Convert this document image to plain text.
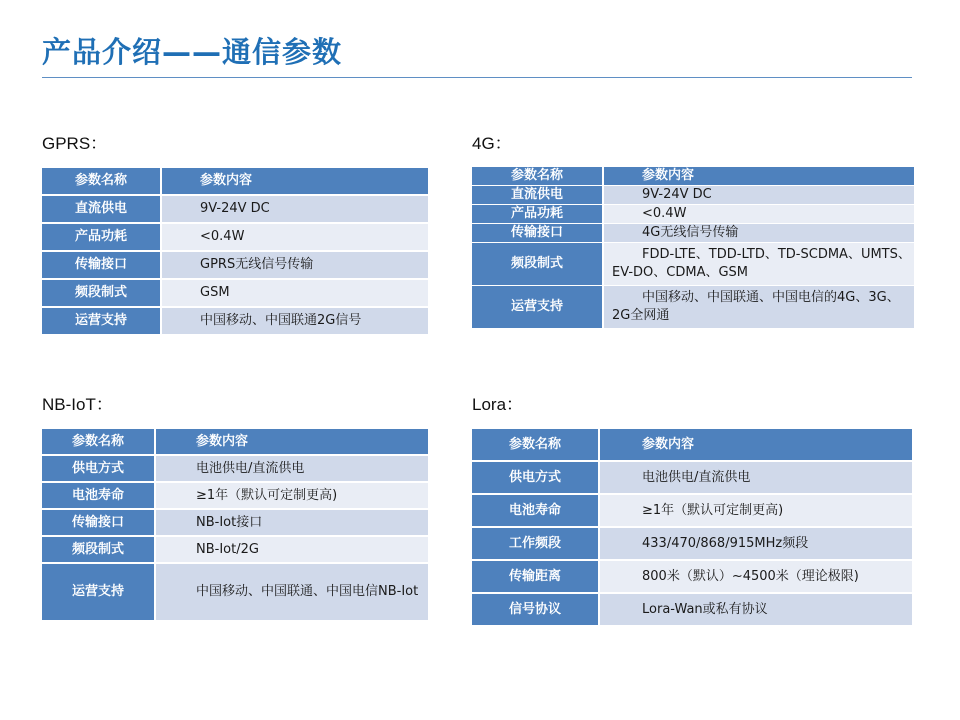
产品介绍——通信参数
GPRS：
参数名称	参数内容
直流供电	9V-24V DC
产品功耗	<0.4W
传输接口	GPRS无线信号传输
频段制式	GSM
运营支持	中国移动、中国联通2G信号
4G：
参数名称	参数内容
直流供电	9V-24V DC
产品功耗	<0.4W
传输接口	4G无线信号传输
频段制式	FDD-LTE、TDD-LTD、TD-SCDMA、UMTS、EV-DO、CDMA、GSM
运营支持	中国移动、中国联通、中国电信的4G、3G、2G全网通
NB-IoT：
参数名称	参数内容
供电方式	电池供电/直流供电
电池寿命	≥1年（默认可定制更高)
传输接口	NB-Iot接口
频段制式	NB-Iot/2G
运营支持	中国移动、中国联通、中国电信NB-Iot
Lora：
参数名称	参数内容
供电方式	电池供电/直流供电
电池寿命	≥1年（默认可定制更高)
工作频段	433/470/868/915MHz频段
传输距离	800米（默认）~4500米（理论极限)
信号协议	Lora-Wan或私有协议
